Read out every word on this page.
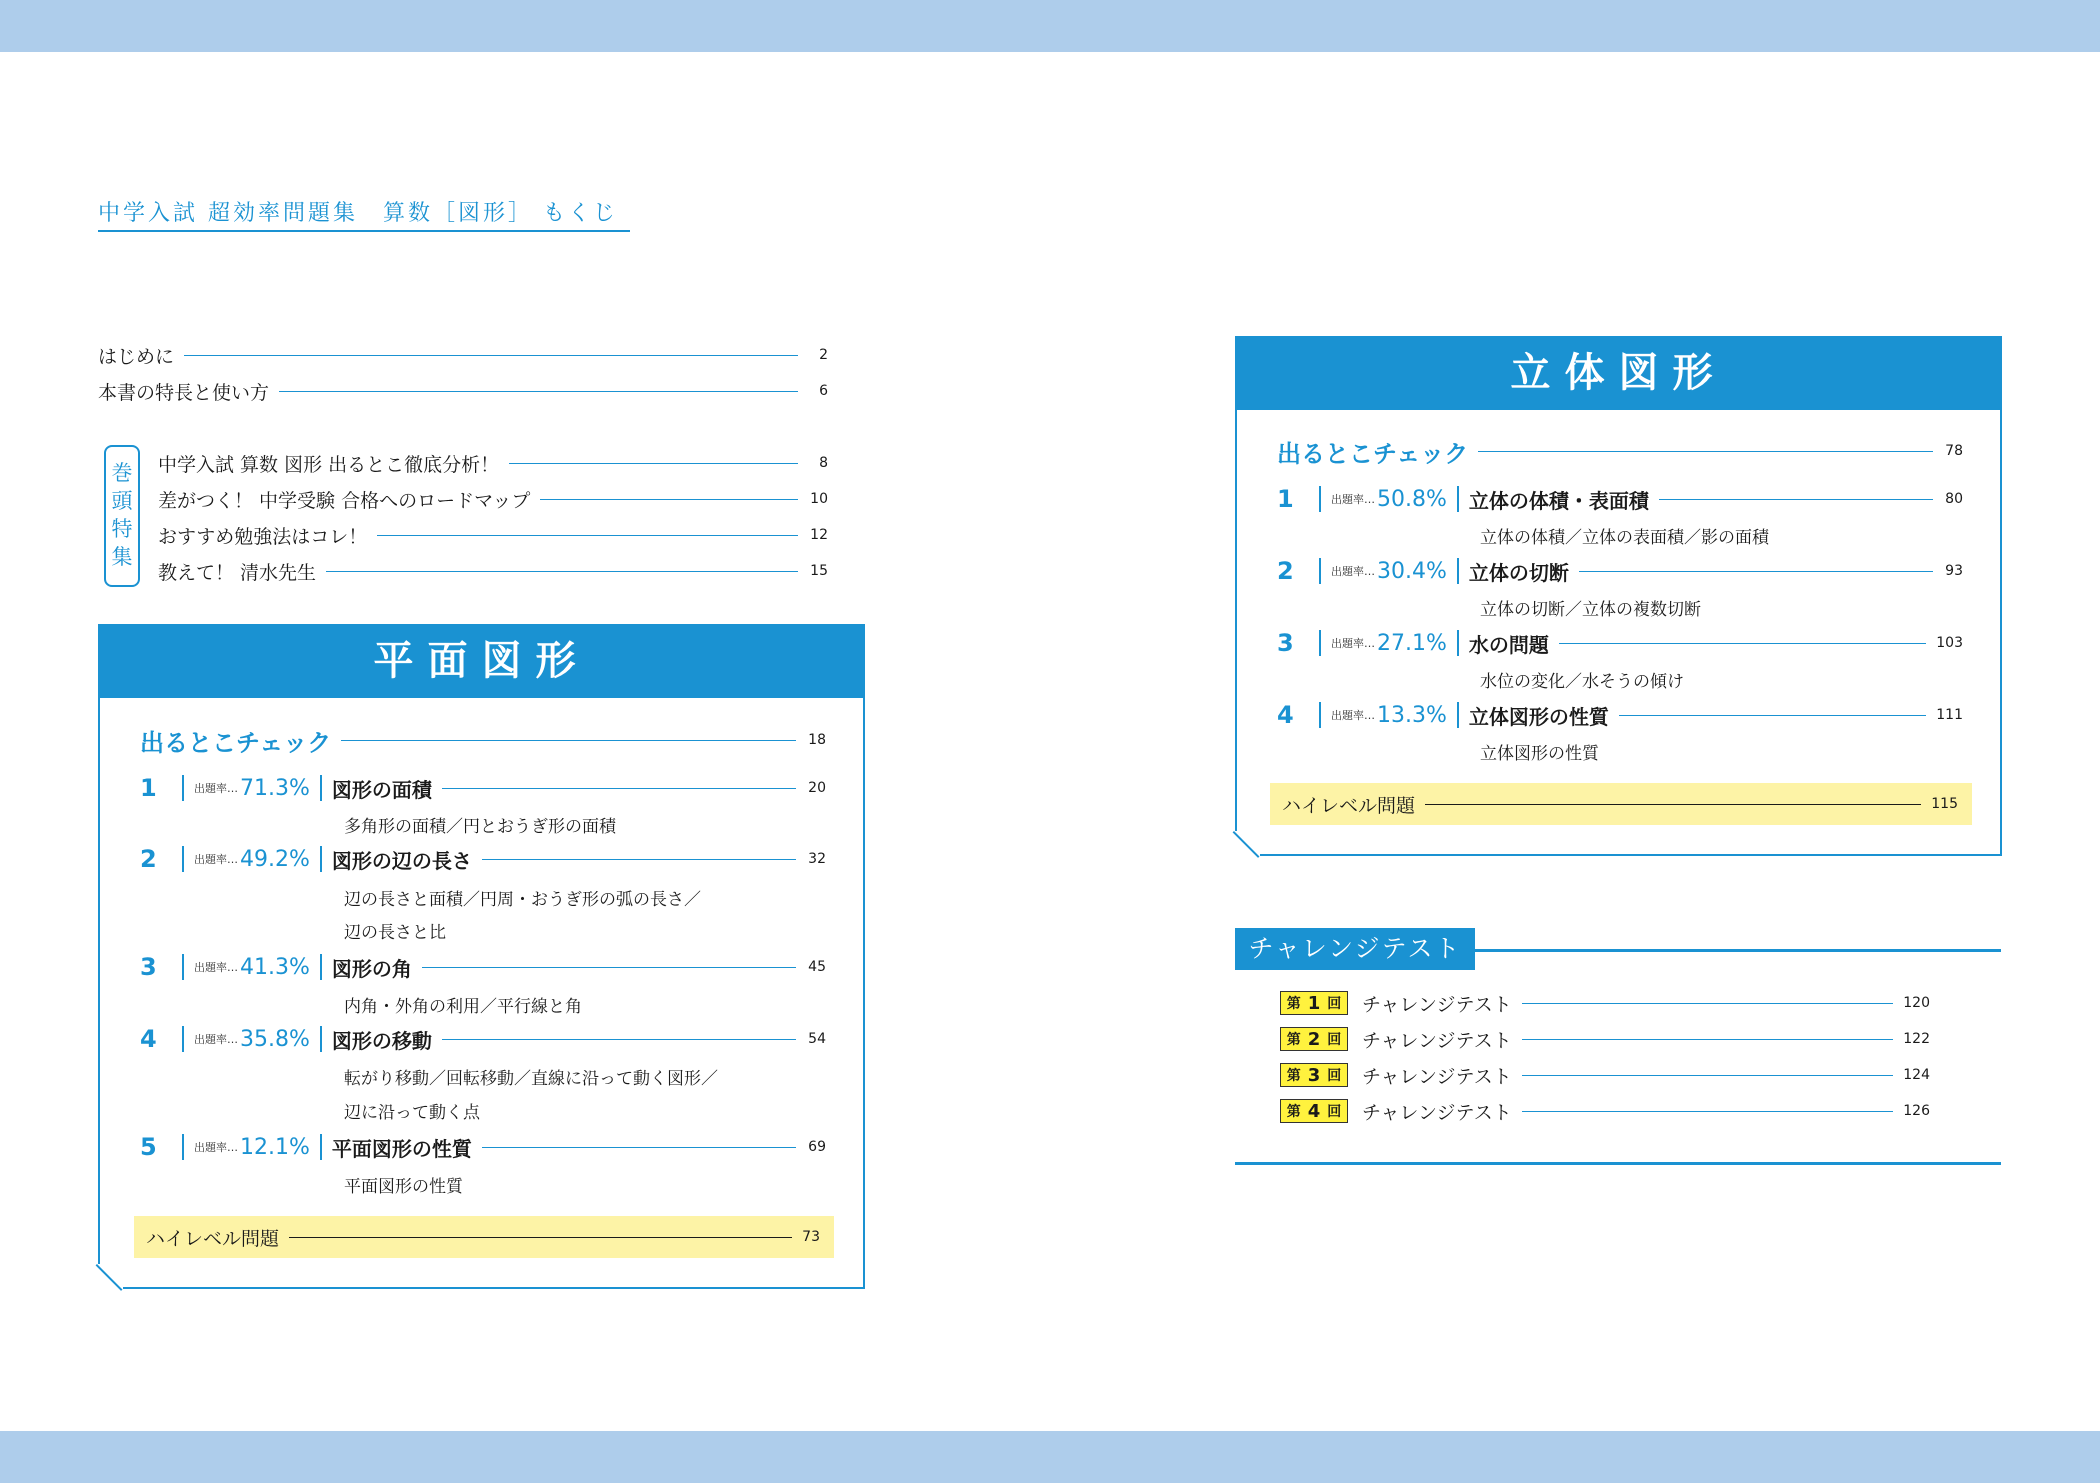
中学入試 超効率問題集　算数［図形］ もくじ
はじめに	2
本書の特長と使い方	6
巻
頭
特
集
中学入試 算数 図形 出るとこ徹底分析！	8
差がつく！ 中学受験 合格へのロードマップ	10
おすすめ勉強法はコレ！	12
教えて！ 清水先生	15
平面図形
出るとこチェック	18
1	出題率… 71.3% 図形の面積	20
多角形の面積／円とおうぎ形の面積
2	出題率… 49.2% 図形の辺の長さ	32
辺の長さと面積／円周・おうぎ形の弧の長さ／
辺の長さと比
3	出題率… 41.3% 図形の角	45
内角・外角の利用／平行線と角
4	出題率… 35.8% 図形の移動	54
転がり移動／回転移動／直線に沿って動く図形／
辺に沿って動く点
5	出題率… 12.1% 平面図形の性質	69
平面図形の性質
ハイレベル問題	73
立体図形
出るとこチェック	78
1	出題率… 50.8% 立体の体積・表面積	80
立体の体積／立体の表面積／影の面積
2	出題率… 30.4% 立体の切断	93
立体の切断／立体の複数切断
3	出題率… 27.1% 水の問題	103
水位の変化／水そうの傾け
4	出題率… 13.3% 立体図形の性質	111
立体図形の性質
ハイレベル問題	115
チャレンジテスト
第 1 回 チャレンジテスト	120
第 2 回 チャレンジテスト	122
第 3 回 チャレンジテスト	124
第 4 回 チャレンジテスト	126
